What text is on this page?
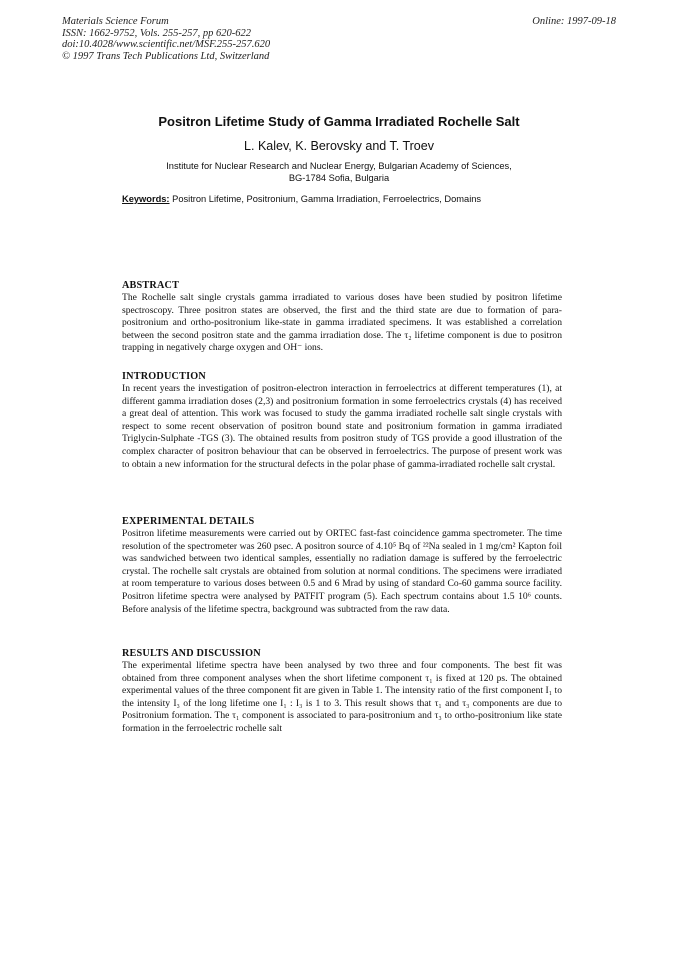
Materials Science Forum
ISSN: 1662-9752, Vols. 255-257, pp 620-622
doi:10.4028/www.scientific.net/MSF.255-257.620
© 1997 Trans Tech Publications Ltd, Switzerland
Online: 1997-09-18
Positron Lifetime Study of Gamma Irradiated Rochelle Salt
L. Kalev, K. Berovsky and T. Troev
Institute for Nuclear Research and Nuclear Energy, Bulgarian Academy of Sciences,
BG-1784 Sofia, Bulgaria
Keywords: Positron Lifetime, Positronium, Gamma Irradiation, Ferroelectrics, Domains
ABSTRACT

The Rochelle salt single crystals gamma irradiated to various doses have been studied by positron lifetime spectroscopy. Three positron states are observed, the first and the third state are due to formation of para-positronium and ortho-positronium like-state in gamma irradiated specimens. It was established a correlation between the second positron state and the gamma irradiation dose. The τ₂ lifetime component is due to positron trapping in negatively charge oxygen and OH⁻ ions.

INTRODUCTION

In recent years the investigation of positron-electron interaction in ferroelectrics at different temperatures (1), at different gamma irradiation doses (2,3) and positronium formation in some ferroelectrics crystals (4) has received a great deal of attention. This work was focused to study the gamma irradiated rochelle salt single crystals with respect to some recent observation of positron bound state and positronium formation in gamma irradiated Triglycin-Sulphate -TGS (3). The obtained results from positron study of TGS provide a good illustration of the complex character of positron behaviour that can be observed in ferroelectrics. The purpose of present work was to obtain a new information for the structural defects in the polar phase of gamma-irradiated rochelle salt crystal.

EXPERIMENTAL DETAILS

Positron lifetime measurements were carried out by ORTEC fast-fast coincidence gamma spectrometer. The time resolution of the spectrometer was 260 psec. A positron source of 4.10⁵ Bq of ²²Na sealed in 1 mg/cm² Kapton foil was sandwiched between two identical samples, essentially no radiation damage is suffered by the ferroelectric crystal. The rochelle salt crystals are obtained from solution at normal conditions. The specimens were irradiated at room temperature to various doses between 0.5 and 6 Mrad by using of standard Co-60 gamma source facility. Positron lifetime spectra were analysed by PATFIT program (5). Each spectrum contains about 1.5 10⁶ counts. Before analysis of the lifetime spectra, background was subtracted from the raw data.

RESULTS AND DISCUSSION

The experimental lifetime spectra have been analysed by two three and four components. The best fit was obtained from three component analyses when the short lifetime component τ₁ is fixed at 120 ps. The obtained experimental values of the three component fit are given in Table 1. The intensity ratio of the first component I₁ to the intensity I₃ of the long lifetime one I₁ : I₃ is 1 to 3. This result shows that τ₁ and τ₃ components are due to Positronium formation. The τ₁ component is associated to para-positronium and τ₃ to ortho-positronium like state formation in the ferroelectric rochelle salt
